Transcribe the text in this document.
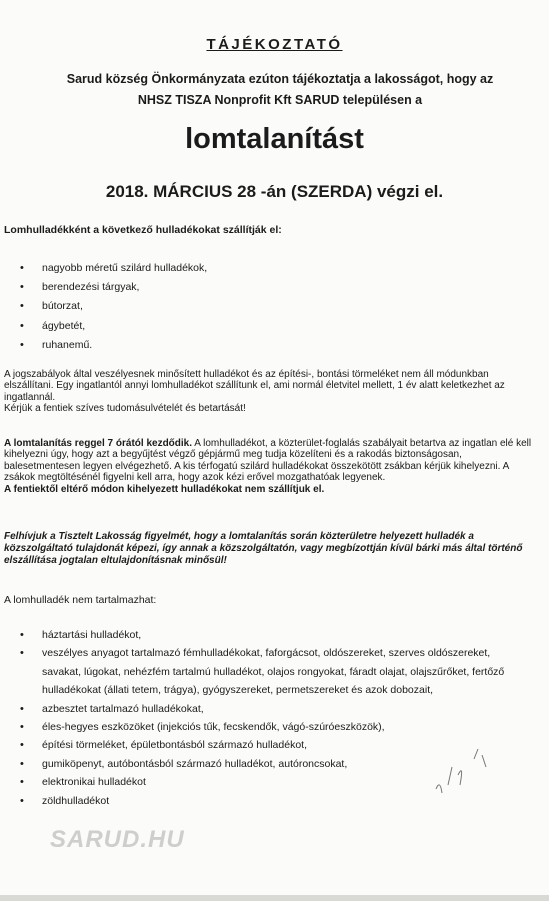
TÁJÉKOZTATÓ
Sarud község Önkormányzata ezúton tájékoztatja a lakosságot, hogy az
NHSZ TISZA Nonprofit Kft SARUD településen a
lomtalanítást
2018. MÁRCIUS 28 -án (SZERDA) végzi el.
Lomhulladékként a következő hulladékokat szállítják el:
• nagyobb méretű szilárd hulladékok,
• berendezési tárgyak,
• bútorzat,
• ágybetét,
• ruhanemű.
A jogszabályok által veszélyesnek minősített hulladékot és az építési-, bontási törmeléket nem áll módunkban elszállítani. Egy ingatlantól annyi lomhulladékot szállítunk el, ami normál életvitel mellett, 1 év alatt keletkezhet az ingatlannál.
Kérjük a fentiek szíves tudomásulvételét és betartását!
A lomtalanítás reggel 7 órától kezdődik. A lomhulladékot, a közterület-foglalás szabályait betartva az ingatlan elé kell kihelyezni úgy, hogy azt a begyűjtést végző gépjármű meg tudja közelíteni és a rakodás biztonságosan, balesetmentesen legyen elvégezhető. A kis térfogatú szilárd hulladékokat összekötött zsákban kérjük kihelyezni. A zsákok megtöltésénél figyelni kell arra, hogy azok kézi erővel mozgathatóak legyenek.
A fentiektől eltérő módon kihelyezett hulladékokat nem szállítjuk el.
Felhívjuk a Tisztelt Lakosság figyelmét, hogy a lomtalanítás során közterületre helyezett hulladék a közszolgáltató tulajdonát képezi, így annak a közszolgáltatón, vagy megbízottján kívül bárki más által történő elszállítása jogtalan eltulajdonításnak minősül!
A lomhulladék nem tartalmazhat:
• háztartási hulladékot,
• veszélyes anyagot tartalmazó fémhulladékokat, faforgácsot, oldószereket, szerves oldószereket, savakat, lúgokat, nehézfém tartalmú hulladékot, olajos rongyokat, fáradt olajat, olajszűrőket, fertőző hulladékokat (állati tetem, trágya), gyógyszereket, permetszereket és azok dobozait,
• azbesztet tartalmazó hulladékokat,
• éles-hegyes eszközöket (injekciós tűk, fecskendők, vágó-szúróeszközök),
• építési törmeléket, épületbontásból származó hulladékot,
• gumiköpenyt, autóbontásból származó hulladékot, autóroncsokat,
• elektronikai hulladékot
• zöldhulladékot
SARUD.HU
